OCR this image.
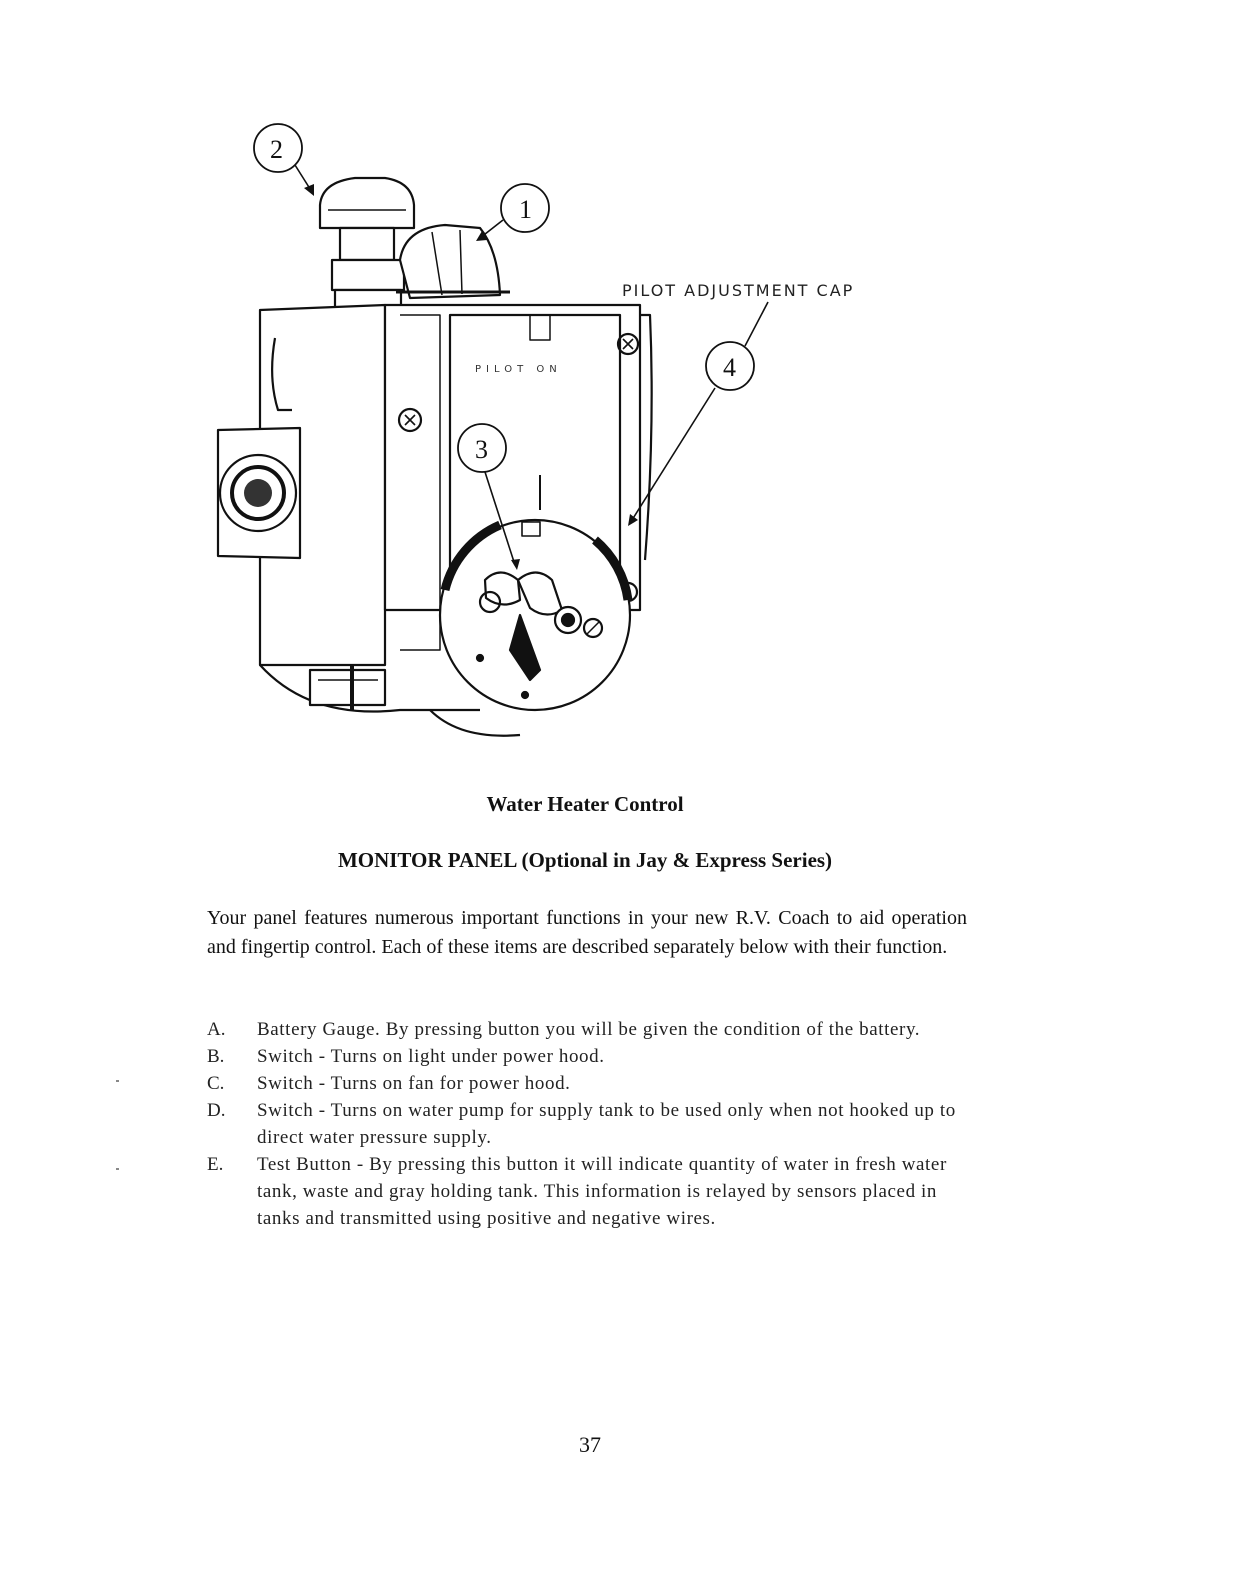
2
1
4
3
PILOT ADJUSTMENT CAP
PILOT ON
Water Heater Control
MONITOR PANEL (Optional in Jay & Express Series)

Your panel features numerous important functions in your new R.V. Coach to aid operation and fingertip control. Each of these items are described separately below with their function.

A.	Battery Gauge. By pressing button you will be given the condition of the battery.
B.	Switch - Turns on light under power hood.
C.	Switch - Turns on fan for power hood.
D.	Switch - Turns on water pump for supply tank to be used only when not hooked up to direct water pressure supply.
E.	Test Button - By pressing this button it will indicate quantity of water in fresh water tank, waste and gray holding tank. This information is relayed by sensors placed in tanks and transmitted using positive and negative wires.
37
